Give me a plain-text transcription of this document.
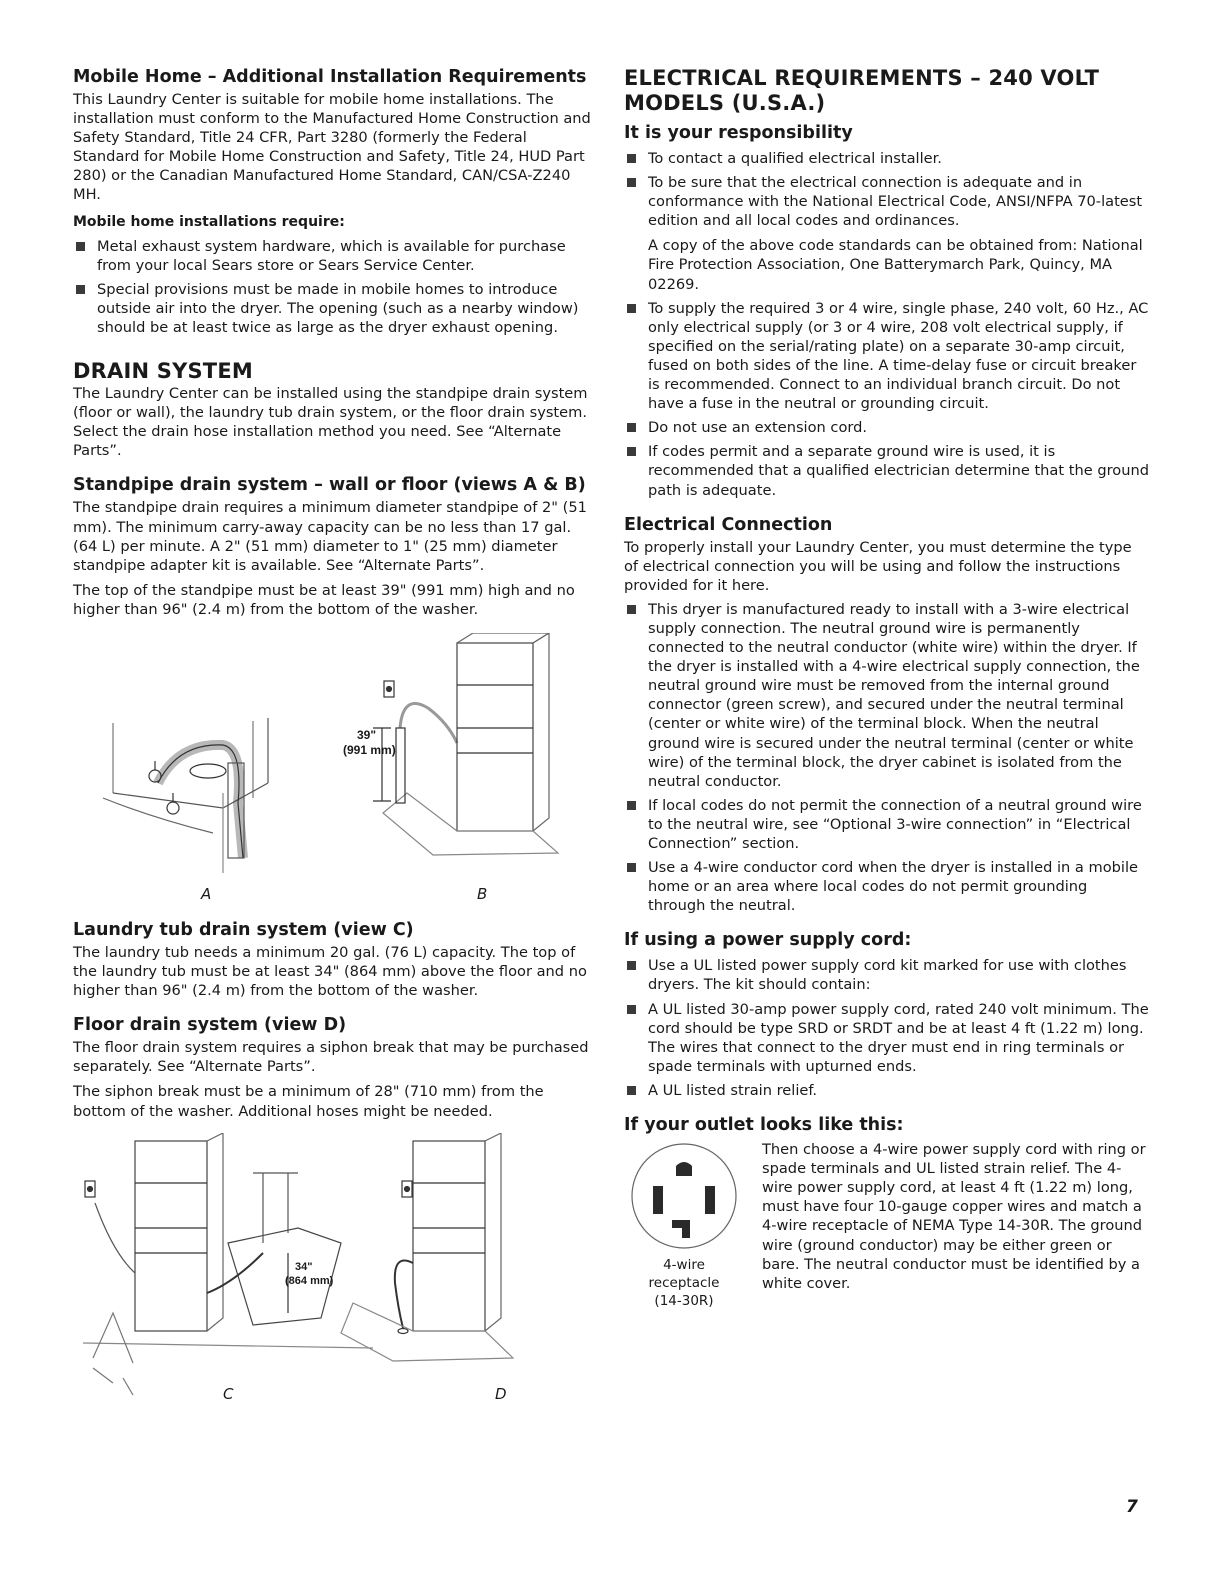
Mobile Home – Additional Installation Requirements

This Laundry Center is suitable for mobile home installations. The installation must conform to the Manufactured Home Construction and Safety Standard, Title 24 CFR, Part 3280 (formerly the Federal Standard for Mobile Home Construction and Safety, Title 24, HUD Part 280) or the Canadian Manufactured Home Standard, CAN/CSA-Z240 MH.

Mobile home installations require:
Metal exhaust system hardware, which is available for purchase from your local Sears store or Sears Service Center.
Special provisions must be made in mobile homes to introduce outside air into the dryer. The opening (such as a nearby window) should be at least twice as large as the dryer exhaust opening.
DRAIN SYSTEM

The Laundry Center can be installed using the standpipe drain system (floor or wall), the laundry tub drain system, or the floor drain system. Select the drain hose installation method you need. See “Alternate Parts”.

Standpipe drain system – wall or floor (views A & B)

The standpipe drain requires a minimum diameter standpipe of 2" (51 mm). The minimum carry-away capacity can be no less than 17 gal. (64 L) per minute. A 2" (51 mm) diameter to 1" (25 mm) diameter standpipe adapter kit is available. See “Alternate Parts”.

The top of the standpipe must be at least 39" (991 mm) high and no higher than 96" (2.4 m) from the bottom of the washer.

A	B
39"
(991 mm)
Laundry tub drain system (view C)

The laundry tub needs a minimum 20 gal. (76 L) capacity. The top of the laundry tub must be at least 34" (864 mm) above the floor and no higher than 96" (2.4 m) from the bottom of the washer.

Floor drain system (view D)

The floor drain system requires a siphon break that may be purchased separately. See “Alternate Parts”.

The siphon break must be a minimum of 28" (710 mm) from the bottom of the washer. Additional hoses might be needed.

C	D
34"
(864 mm)
ELECTRICAL REQUIREMENTS – 240 VOLT MODELS (U.S.A.)
It is your responsibility
To contact a qualified electrical installer.
To be sure that the electrical connection is adequate and in conformance with the National Electrical Code, ANSI/NFPA 70-latest edition and all local codes and ordinances.

A copy of the above code standards can be obtained from: National Fire Protection Association, One Batterymarch Park, Quincy, MA 02269.

To supply the required 3 or 4 wire, single phase, 240 volt, 60 Hz., AC only electrical supply (or 3 or 4 wire, 208 volt electrical supply, if specified on the serial/rating plate) on a separate 30-amp circuit, fused on both sides of the line. A time-delay fuse or circuit breaker is recommended. Connect to an individual branch circuit. Do not have a fuse in the neutral or grounding circuit.
Do not use an extension cord.
If codes permit and a separate ground wire is used, it is recommended that a qualified electrician determine that the ground path is adequate.
Electrical Connection

To properly install your Laundry Center, you must determine the type of electrical connection you will be using and follow the instructions provided for it here.

This dryer is manufactured ready to install with a 3-wire electrical supply connection. The neutral ground wire is permanently connected to the neutral conductor (white wire) within the dryer. If the dryer is installed with a 4-wire electrical supply connection, the neutral ground wire must be removed from the internal ground connector (green screw), and secured under the neutral terminal (center or white wire) of the terminal block. When the neutral ground wire is secured under the neutral terminal (center or white wire) of the terminal block, the dryer cabinet is isolated from the neutral conductor.
If local codes do not permit the connection of a neutral ground wire to the neutral wire, see “Optional 3-wire connection” in “Electrical Connection” section.
Use a 4-wire conductor cord when the dryer is installed in a mobile home or an area where local codes do not permit grounding through the neutral.
If using a power supply cord:
Use a UL listed power supply cord kit marked for use with clothes dryers. The kit should contain:
A UL listed 30-amp power supply cord, rated 240 volt minimum. The cord should be type SRD or SRDT and be at least 4 ft (1.22 m) long. The wires that connect to the dryer must end in ring terminals or spade terminals with upturned ends.
A UL listed strain relief.
If your outlet looks like this:
4-wire
receptacle
(14-30R)

Then choose a 4-wire power supply cord with ring or spade terminals and UL listed strain relief. The 4-wire power supply cord, at least 4 ft (1.22 m) long, must have four 10-gauge copper wires and match a 4-wire receptacle of NEMA Type 14-30R. The ground wire (ground conductor) may be either green or bare. The neutral conductor must be identified by a white cover.

7
